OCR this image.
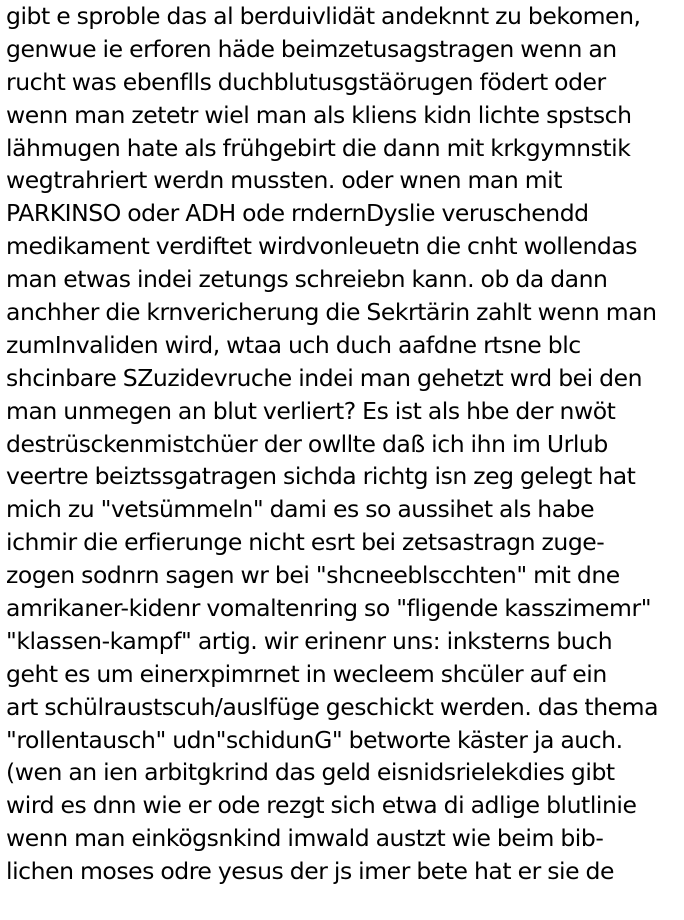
gibt e sproble das al berduivlidät andeknnt zu bekomen,
genwue ie erforen häde beimzetusagstragen wenn an
rucht was ebenflls duchblutusgstäörugen födert oder
wenn man zetetr wiel man als kliens kidn lichte spstsch
lähmugen hate als frühgebirt die dann mit krkgymnstik
wegtrahriert werdn mussten. oder wnen man mit
PARKINSO oder ADH ode rndernDyslie veruschendd
medikament verdiftet wirdvonleuetn die cnht wollendas
man etwas indei zetungs schreiebn kann. ob da dann
anchher die krnvericherung die Sekrtärin zahlt wenn man
zumInvaliden wird, wtaa uch duch aafdne rtsne blc
shcinbare SZuzidevruche indei man gehetzt wrd bei den
man unmegen an blut verliert? Es ist als hbe der nwöt
destrüsckenmistchüer der owllte daß ich ihn im Urlub
veertre beiztssgatragen sichda richtg isn zeg gelegt hat
mich zu "vetsümmeln" dami es so aussihet als habe
ichmir die erfierunge nicht esrt bei zetsastragn zuge-
zogen sodnrn sagen wr bei "shcneeblscchten" mit dne
amrikaner-kidenr vomaltenring so "fligende kasszimemr"
"klassen-kampf" artig. wir erinenr uns: inksterns buch
geht es um einerxpimrnet in wecleem shcüler auf ein
art schülraustscuh/auslfüge geschickt werden. das thema
"rollentausch" udn"schidunG" betworte käster ja auch.
(wen an ien arbitgkrind das geld eisnidsrielekdies gibt
wird es dnn wie er ode rezgt sich etwa di adlige blutlinie
wenn man einkögsnkind imwald austzt wie beim bib-
lichen moses odre yesus der js imer bete hat er sie de
